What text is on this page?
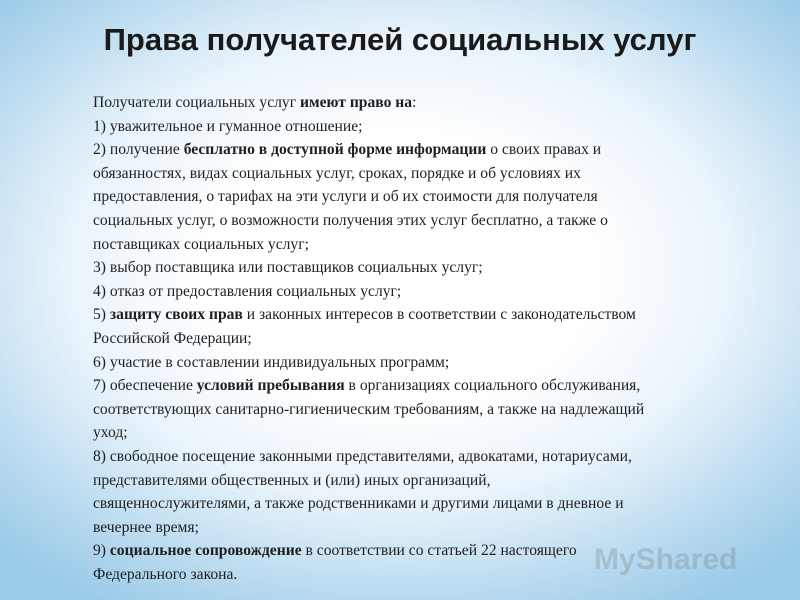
Права получателей социальных услуг
Получатели социальных услуг имеют право на:
1) уважительное и гуманное отношение;
2) получение бесплатно в доступной форме информации о своих правах и
обязанностях, видах социальных услуг, сроках, порядке и об условиях их
предоставления, о тарифах на эти услуги и об их стоимости для получателя
социальных услуг, о возможности получения этих услуг бесплатно, а также о
поставщиках социальных услуг;
3) выбор поставщика или поставщиков социальных услуг;
4) отказ от предоставления социальных услуг;
5) защиту своих прав и законных интересов в соответствии с законодательством
Российской Федерации;
6) участие в составлении индивидуальных программ;
7) обеспечение условий пребывания в организациях социального обслуживания,
соответствующих санитарно-гигиеническим требованиям, а также на надлежащий
уход;
8) свободное посещение законными представителями, адвокатами, нотариусами,
представителями общественных и (или) иных организаций,
священнослужителями, а также родственниками и другими лицами в дневное и
вечернее время;
9) социальное сопровождение в соответствии со статьей 22 настоящего
Федерального закона.	MyShared
